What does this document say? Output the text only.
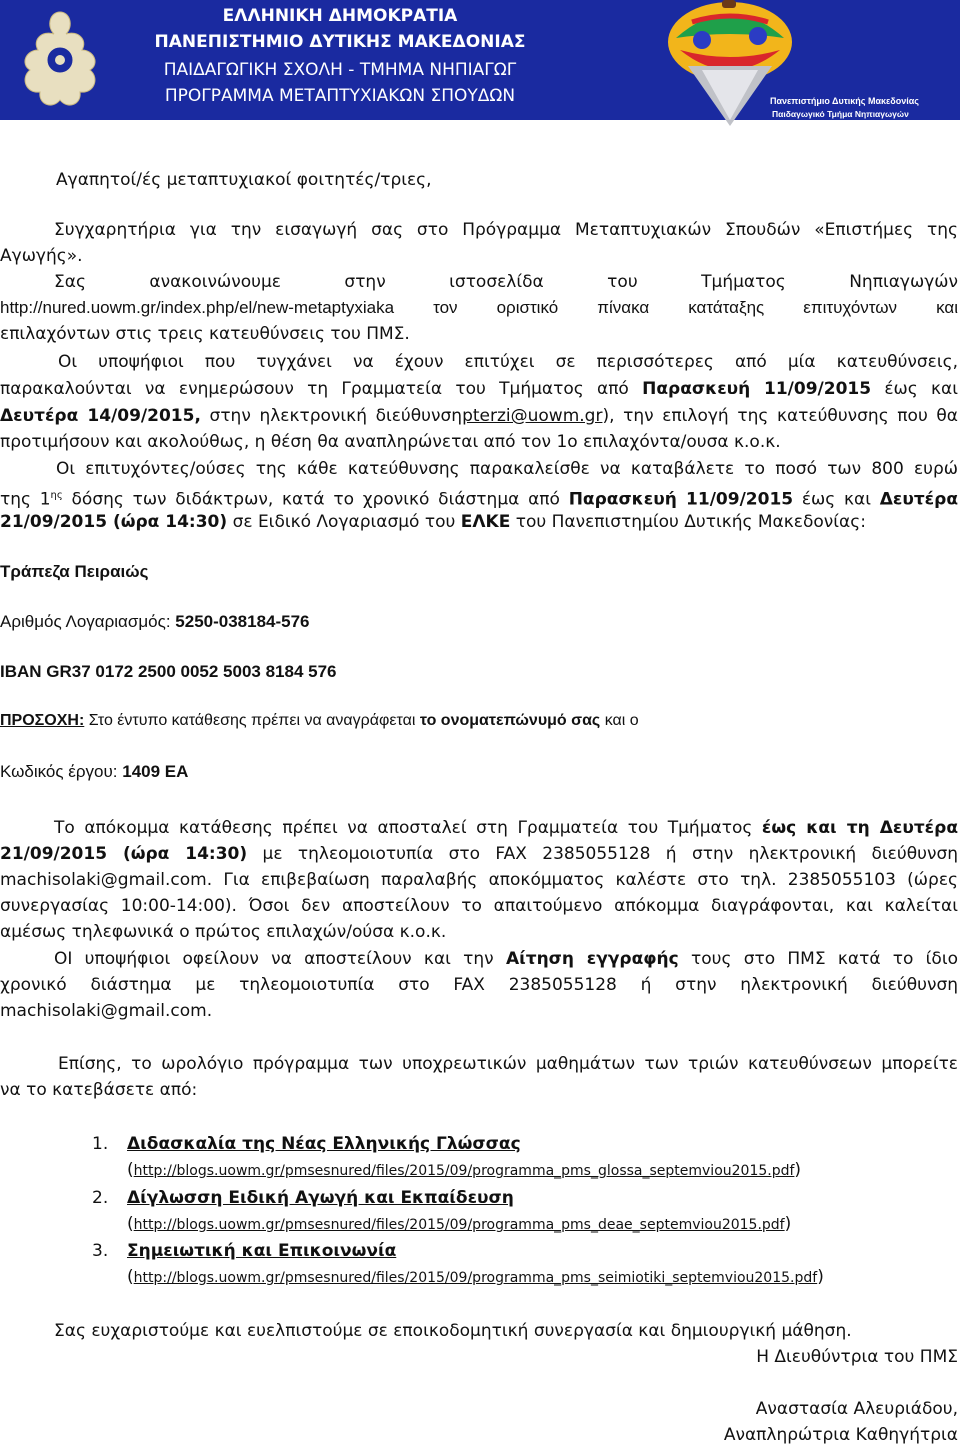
ΕΛΛΗΝΙΚΗ ΔΗΜΟΚΡΑΤΙΑ
ΠΑΝΕΠΙΣΤΗΜΙΟ ΔΥΤΙΚΗΣ ΜΑΚΕΔΟΝΙΑΣ
ΠΑΙΔΑΓΩΓΙΚΗ ΣΧΟΛΗ - ΤΜΗΜΑ ΝΗΠΙΑΓΩΓ
ΠΡΟΓΡΑΜΜΑ ΜΕΤΑΠΤΥΧΙΑΚΩΝ ΣΠΟΥΔΩΝ	Πανεπιστήμιο Δυτικής Μακεδονίας
Παιδαγωγικό Τμήμα Νηπιαγωγών
Αγαπητοί/ές μεταπτυχιακοί φοιτητές/τριες,
Συγχαρητήρια για την εισαγωγή σας στο Πρόγραμμα Μεταπτυχιακών Σπουδών «Επιστήμες της
Αγωγής».
Σας ανακοινώνουμε στην ιστοσελίδα του Τμήματος Νηπιαγωγών
http://nured.uowm.gr/index.php/el/new-metaptyxiaka τον οριστικό πίνακα κατάταξης επιτυχόντων και
επιλαχόντων στις τρεις κατευθύνσεις του ΠΜΣ.
Οι υποψήφιοι που τυγχάνει να έχουν επιτύχει σε περισσότερες από μία κατευθύνσεις,
παρακαλούνται να ενημερώσουν τη Γραμματεία του Τμήματος από Παρασκευή 11/09/2015 έως και
Δευτέρα 14/09/2015, στην ηλεκτρονική διεύθυνσηpterzi@uowm.gr), την επιλογή της κατεύθυνσης που θα
προτιμήσουν και ακολούθως, η θέση θα αναπληρώνεται από τον 1ο επιλαχόντα/ουσα κ.ο.κ.
Οι επιτυχόντες/ούσες της κάθε κατεύθυνσης παρακαλείσθε να καταβάλετε το ποσό των 800 ευρώ
της $1^{\eta\varsigma}$ δόσης των διδάκτρων, κατά το χρονικό διάστημα από Παρασκευή 11/09/2015 έως και Δευτέρα
21/09/2015 (ώρα 14:30) σε Ειδικό Λογαριασμό του ΕΛΚΕ του Πανεπιστημίου Δυτικής Μακεδονίας:
Τράπεζα Πειραιώς
Αριθμός Λογαριασμός: 5250-038184-576
IBAN GR37 0172 2500 0052 5003 8184 576
ΠΡΟΣΟΧΗ: Στο έντυπο κατάθεσης πρέπει να αναγράφεται το ονοματεπώνυμό σας και ο
Κωδικός έργου: 1409 ΕΑ
Το απόκομμα κατάθεσης πρέπει να αποσταλεί στη Γραμματεία του Τμήματος έως και τη Δευτέρα
21/09/2015 (ώρα 14:30) με τηλεομοιοτυπία στο FAX 2385055128 ή στην ηλεκτρονική διεύθυνση
machisolaki@gmail.com. Για επιβεβαίωση παραλαβής αποκόμματος καλέστε στο τηλ. 2385055103 (ώρες
συνεργασίας 10:00-14:00). Όσοι δεν αποστείλουν το απαιτούμενο απόκομμα διαγράφονται, και καλείται
αμέσως τηλεφωνικά ο πρώτος επιλαχών/ούσα κ.ο.κ.
ΟΙ υποψήφιοι οφείλουν να αποστείλουν και την Αίτηση εγγραφής τους στο ΠΜΣ κατά το ίδιο
χρονικό διάστημα με τηλεομοιοτυπία στο FAX 2385055128 ή στην ηλεκτρονική διεύθυνση
machisolaki@gmail.com.
Επίσης, το ωρολόγιο πρόγραμμα των υποχρεωτικών μαθημάτων των τριών κατευθύνσεων μπορείτε
να το κατεβάσετε από:
1. Διδασκαλία της Νέας Ελληνικής Γλώσσας
(http://blogs.uowm.gr/pmsesnured/files/2015/09/programma_pms_glossa_septemviou2015.pdf)
2. Δίγλωσση Ειδική Αγωγή και Εκπαίδευση
(http://blogs.uowm.gr/pmsesnured/files/2015/09/programma_pms_deae_septemviou2015.pdf)
3. Σημειωτική και Επικοινωνία
(http://blogs.uowm.gr/pmsesnured/files/2015/09/programma_pms_seimiotiki_septemviou2015.pdf)
Σας ευχαριστούμε και ευελπιστούμε σε εποικοδομητική συνεργασία και δημιουργική μάθηση.
Η Διευθύντρια του ΠΜΣ
Αναστασία Αλευριάδου,
Αναπληρώτρια Καθηγήτρια
